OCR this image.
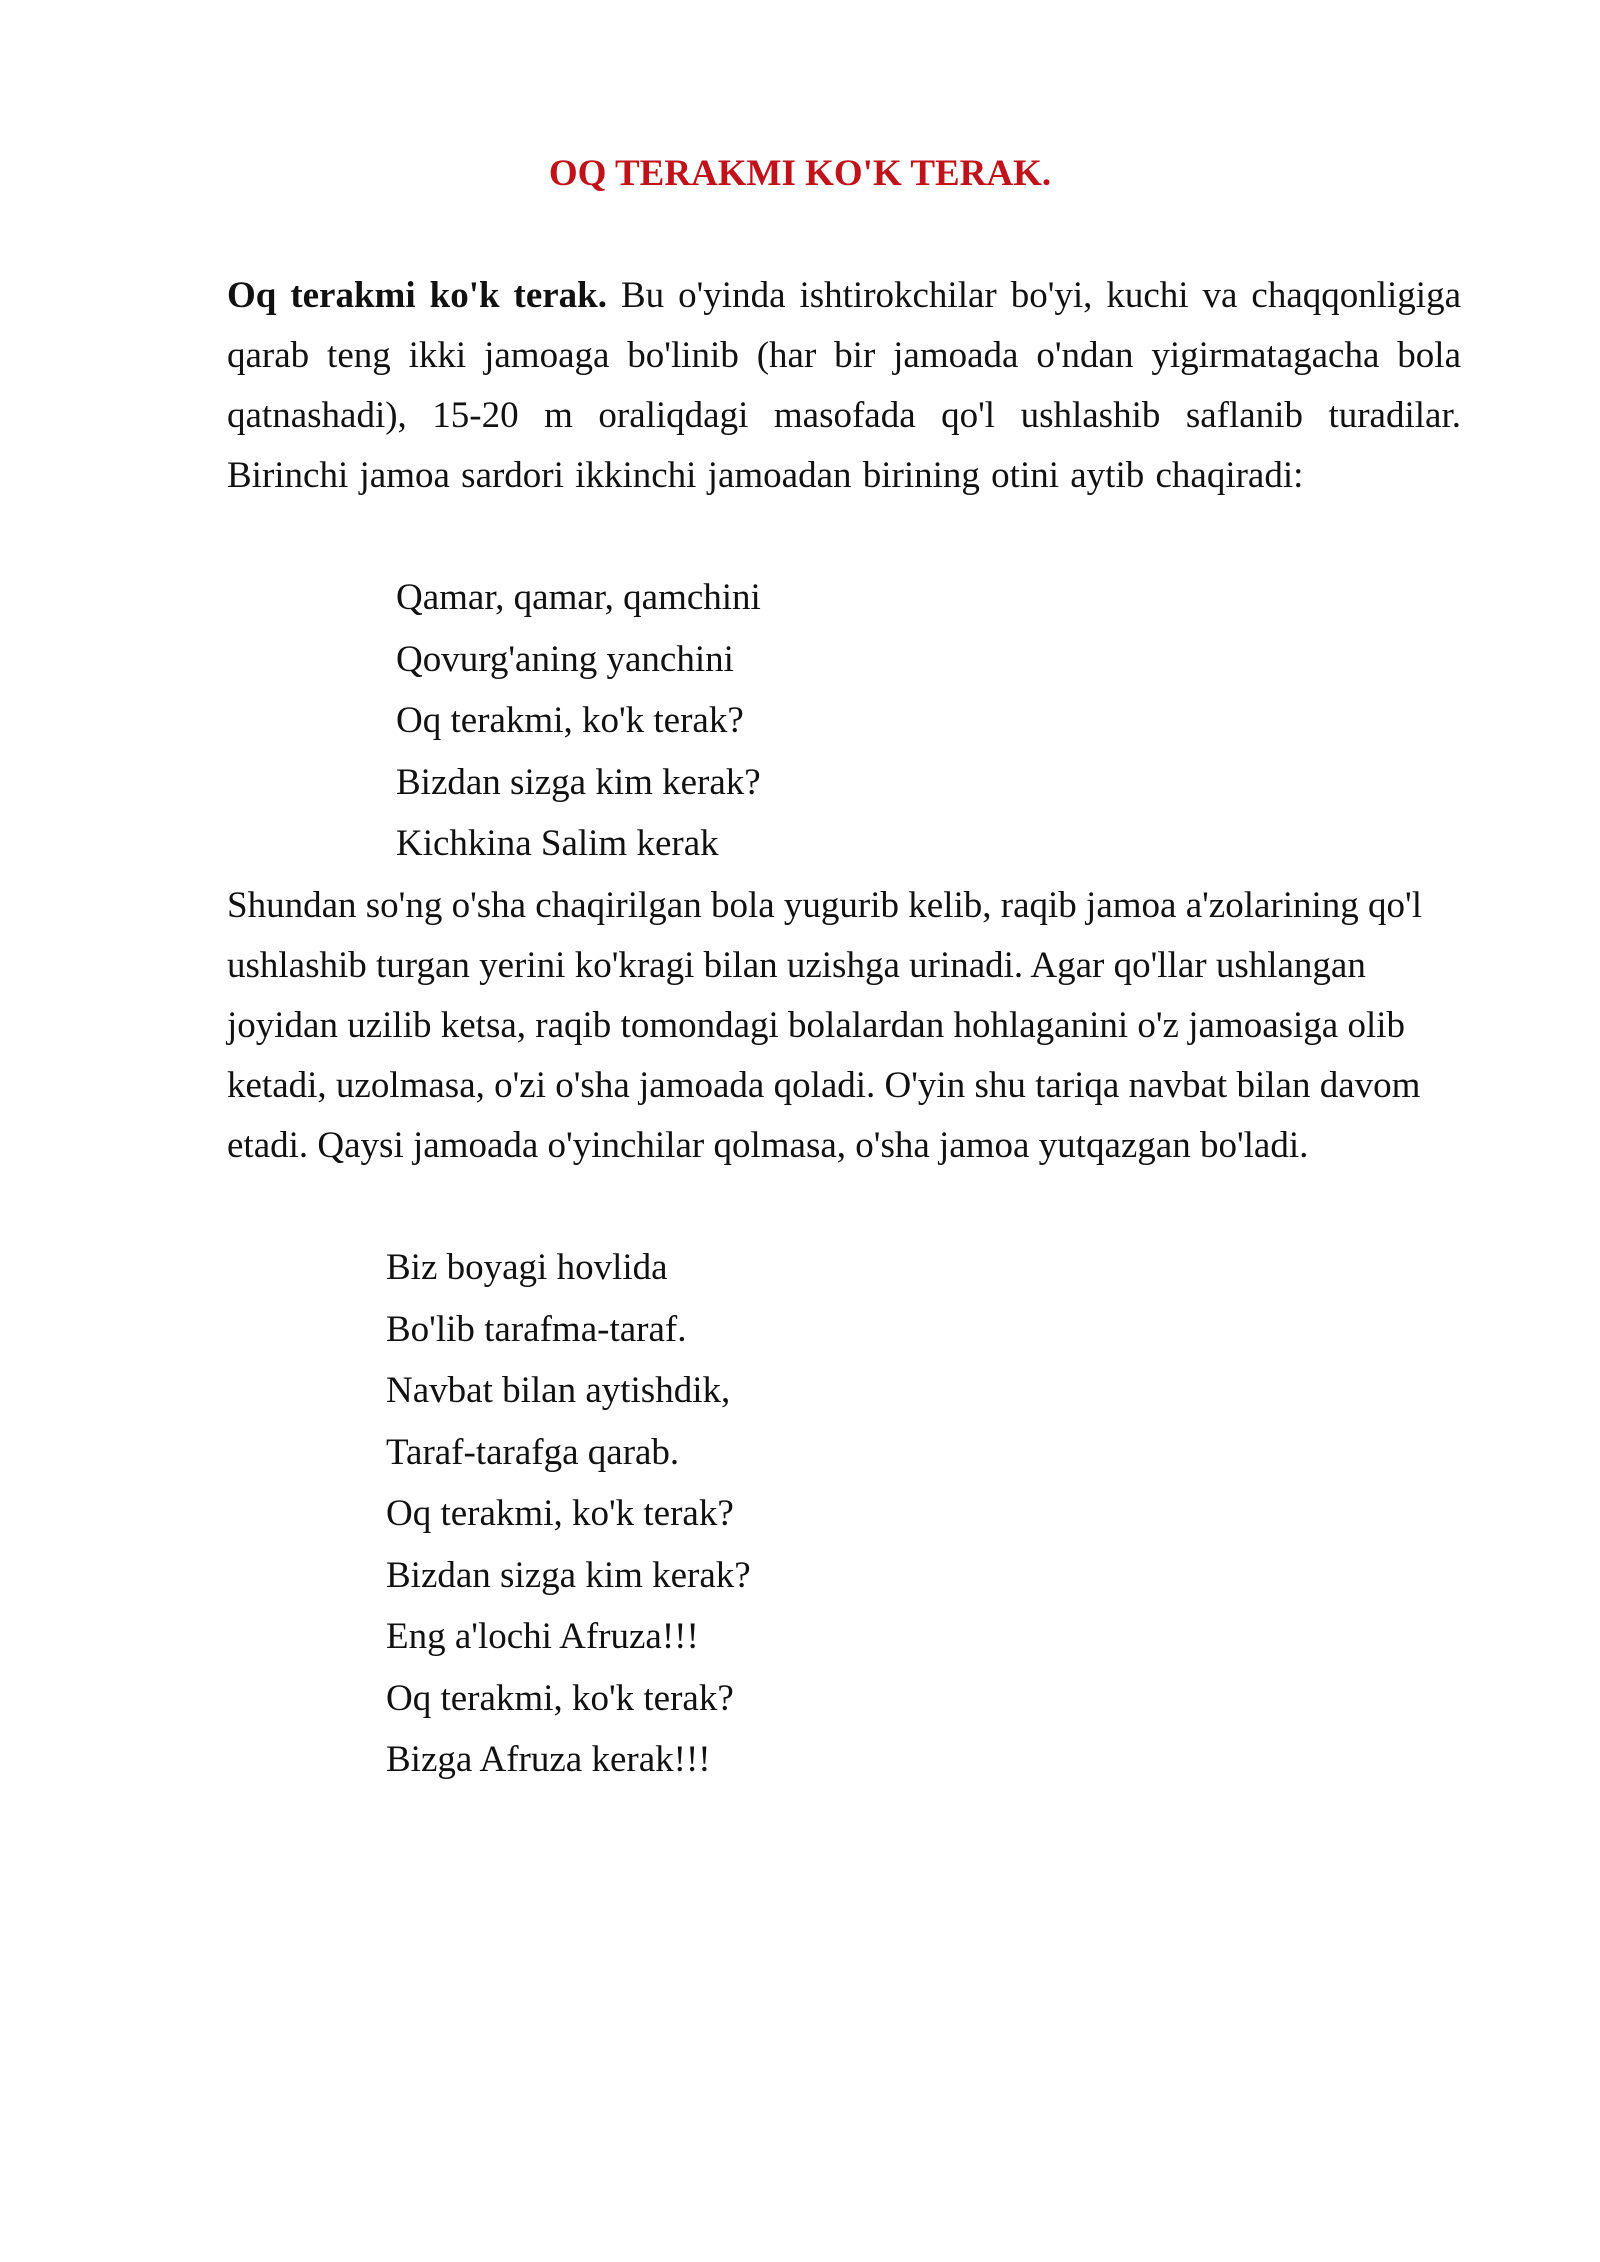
OQ TERAKMI KO'K TERAK.

Oq terakmi ko'k terak. Bu o'yinda ishtirokchilar bo'yi, kuchi va chaqqonligiga qarab teng ikki jamoaga bo'linib (har bir jamoada o'ndan yigirmatagacha bola qatnashadi), 15-20 m oraliqdagi masofada qo'l ushlashib saflanib turadilar. Birinchi jamoa sardori ikkinchi jamoadan birining otini aytib chaqiradi:

Qamar, qamar, qamchini
Qovurg'aning yanchini
Oq terakmi, ko'k terak?
Bizdan sizga kim kerak?
Kichkina Salim kerak

Shundan so'ng o'sha chaqirilgan bola yugurib kelib, raqib jamoa a'zolarining qo'l ushlashib turgan yerini ko'kragi bilan uzishga urinadi. Agar qo'llar ushlangan joyidan uzilib ketsa, raqib tomondagi bolalardan hohlaganini o'z jamoasiga olib ketadi, uzolmasa, o'zi o'sha jamoada qoladi. O'yin shu tariqa navbat bilan davom etadi. Qaysi jamoada o'yinchilar qolmasa, o'sha jamoa yutqazgan bo'ladi.

Biz boyagi hovlida
Bo'lib tarafma-taraf.
Navbat bilan aytishdik,
Taraf-tarafga qarab.
Oq terakmi, ko'k terak?
Bizdan sizga kim kerak?
Eng a'lochi Afruza!!!
Oq terakmi, ko'k terak?
Bizga Afruza kerak!!!
